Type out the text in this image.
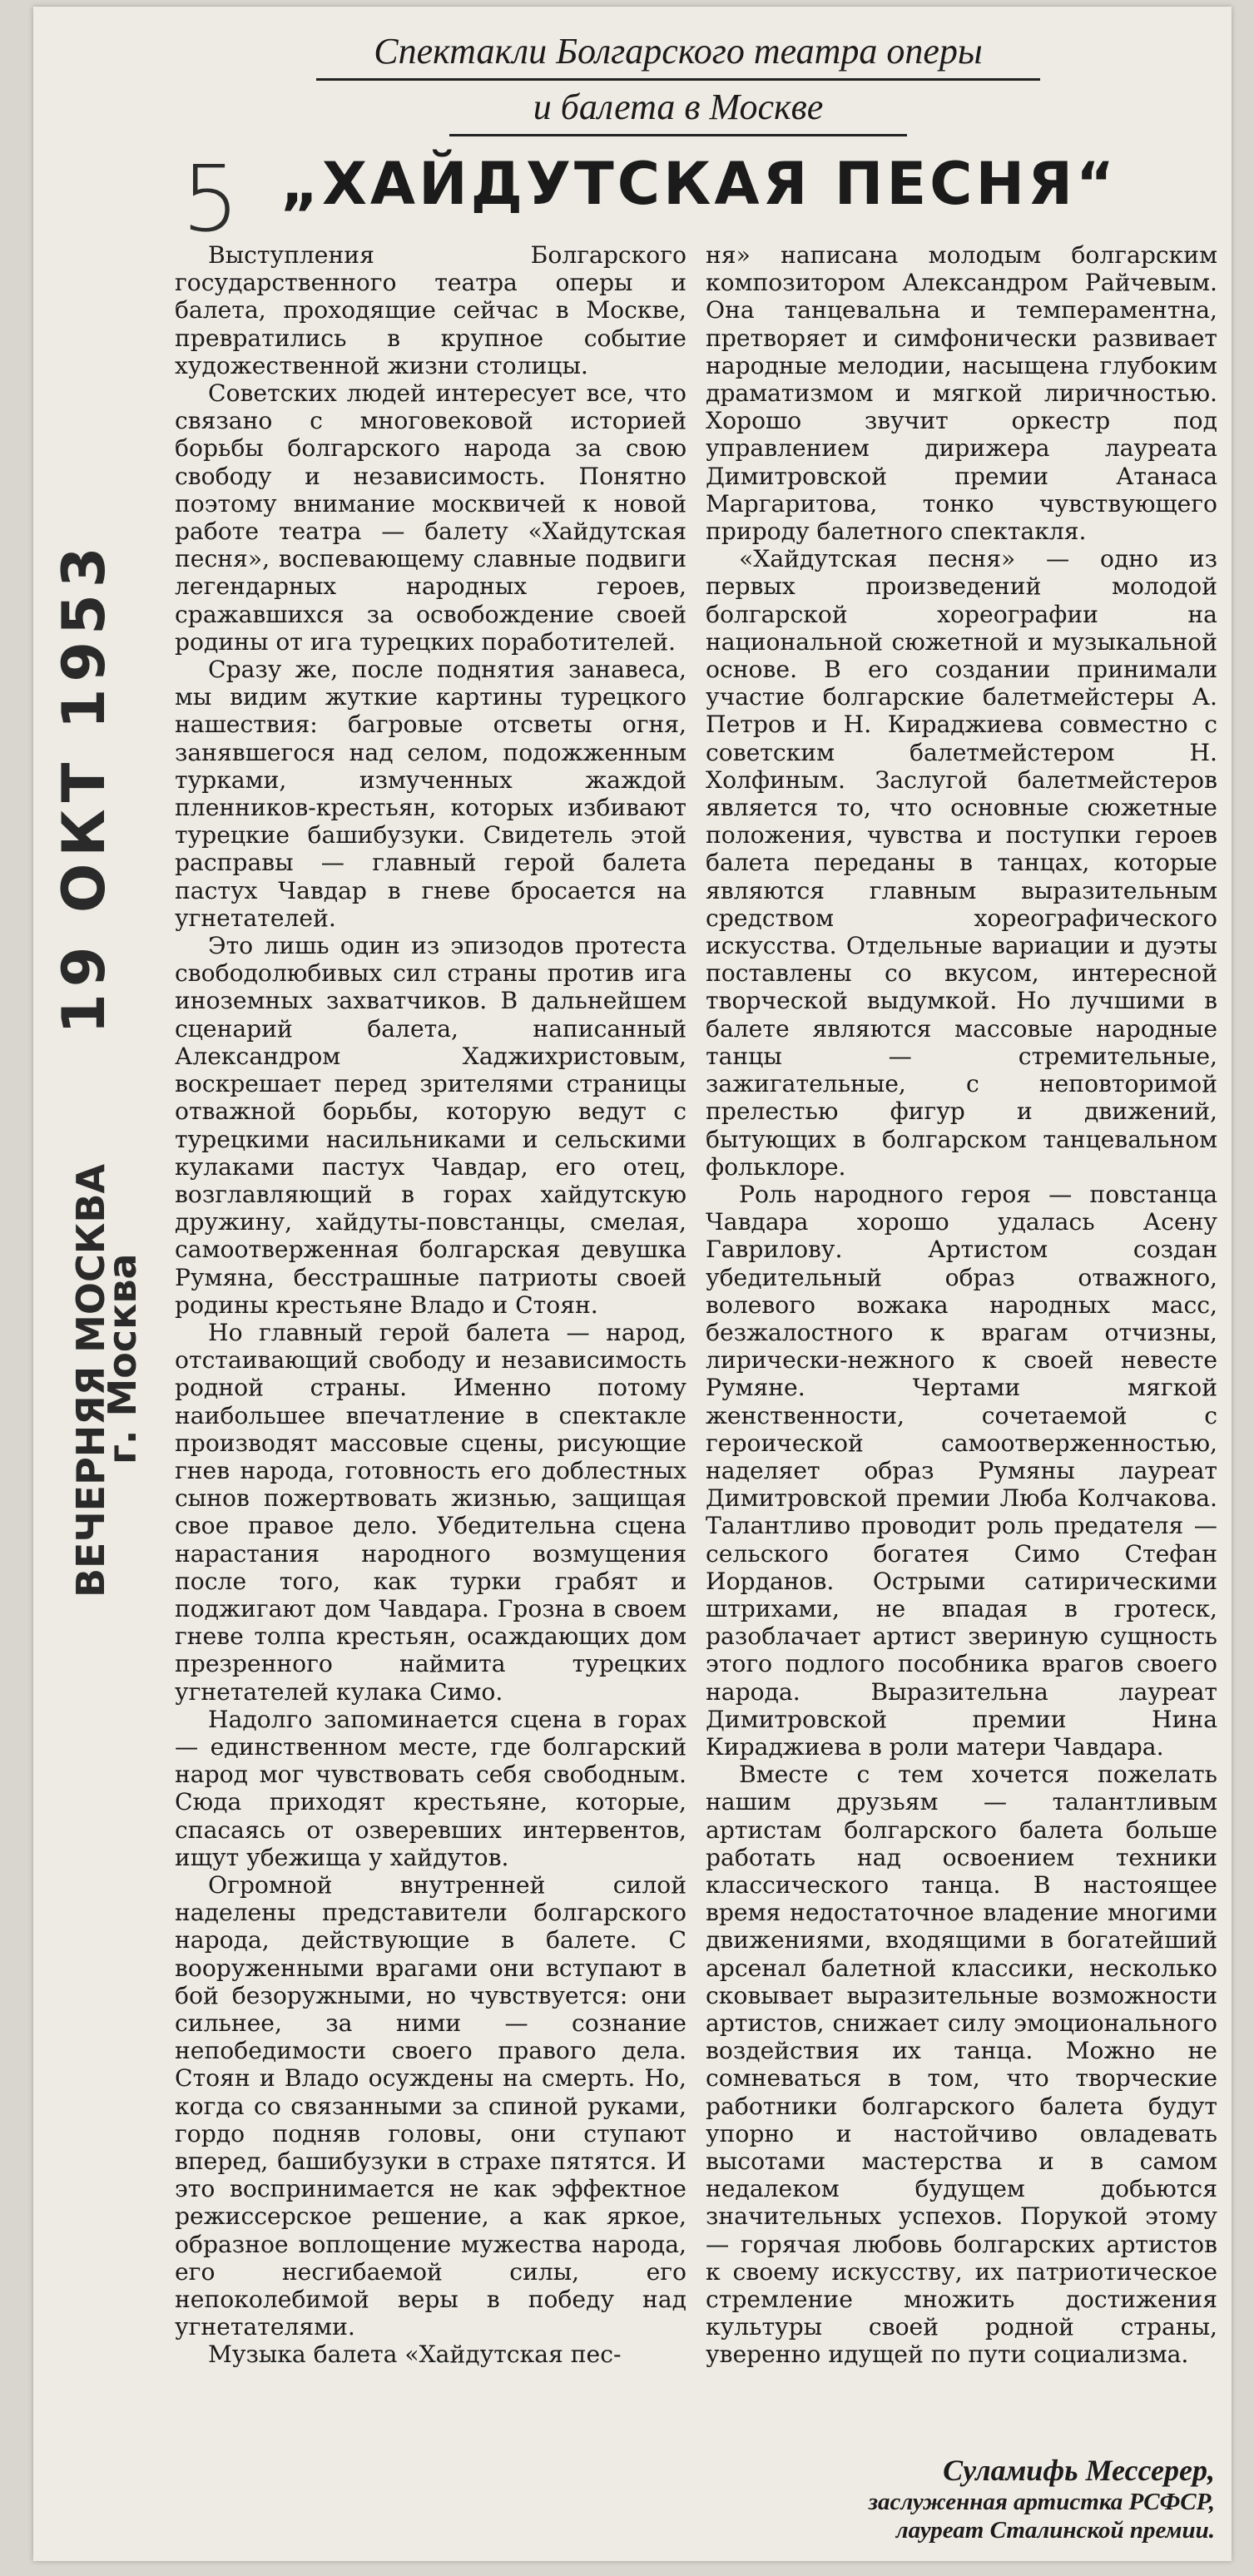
Спектакли Болгарского театра оперы
и балета в Москве
5 „ХАЙДУТСКАЯ ПЕСНЯ“
ВЕЧЕРНЯЯ МОСКВА 19 ОКТ 1953
г. Москва

Выступления Болгарского государственного театра оперы и балета, проходящие сейчас в Москве, превратились в крупное событие художественной жизни столицы.

Советских людей интересует все, что связано с многовековой историей борьбы болгарского народа за свою свободу и независимость. Понятно поэтому внимание москвичей к новой работе театра — балету «Хайдутская песня», воспевающему славные подвиги легендарных народных героев, сражавшихся за освобождение своей родины от ига турецких поработителей.

Сразу же, после поднятия занавеса, мы видим жуткие картины турецкого нашествия: багровые отсветы огня, занявшегося над селом, подожженным турками, измученных жаждой пленников-крестьян, которых избивают турецкие башибузуки. Свидетель этой расправы — главный герой балета пастух Чавдар в гневе бросается на угнетателей.

Это лишь один из эпизодов протеста свободолюбивых сил страны против ига иноземных захватчиков. В дальнейшем сценарий балета, написанный Александром Хаджихристовым, воскрешает перед зрителями страницы отважной борьбы, которую ведут с турецкими насильниками и сельскими кулаками пастух Чавдар, его отец, возглавляющий в горах хайдутскую дружину, хайдуты-повстанцы, смелая, самоотверженная болгарская девушка Румяна, бесстрашные патриоты своей родины крестьяне Владо и Стоян.

Но главный герой балета — народ, отстаивающий свободу и независимость родной страны. Именно потому наибольшее впечатление в спектакле производят массовые сцены, рисующие гнев народа, готовность его доблестных сынов пожертвовать жизнью, защищая свое правое дело. Убедительна сцена нарастания народного возмущения после того, как турки грабят и поджигают дом Чавдара. Грозна в своем гневе толпа крестьян, осаждающих дом презренного наймита турецких угнетателей кулака Симо.

Надолго запоминается сцена в горах — единственном месте, где болгарский народ мог чувствовать себя свободным. Сюда приходят крестьяне, которые, спасаясь от озверевших интервентов, ищут убежища у хайдутов.

Огромной внутренней силой наделены представители болгарского народа, действующие в балете. С вооруженными врагами они вступают в бой безоружными, но чувствуется: они сильнее, за ними — сознание непобедимости своего правого дела. Стоян и Владо осуждены на смерть. Но, когда со связанными за спиной руками, гордо подняв головы, они ступают вперед, башибузуки в страхе пятятся. И это воспринимается не как эффектное режиссерское решение, а как яркое, образное воплощение мужества народа, его несгибаемой силы, его непоколебимой веры в победу над угнетателями.

Музыка балета «Хайдутская пес-

ня» написана молодым болгарским композитором Александром Райчевым. Она танцевальна и темпераментна, претворяет и симфонически развивает народные мелодии, насыщена глубоким драматизмом и мягкой лиричностью. Хорошо звучит оркестр под управлением дирижера лауреата Димитровской премии Атанаса Маргаритова, тонко чувствующего природу балетного спектакля.

«Хайдутская песня» — одно из первых произведений молодой болгарской хореографии на национальной сюжетной и музыкальной основе. В его создании принимали участие болгарские балетмейстеры А. Петров и Н. Кираджиева совместно с советским балетмейстером Н. Холфиным. Заслугой балетмейстеров является то, что основные сюжетные положения, чувства и поступки героев балета переданы в танцах, которые являются главным выразительным средством хореографического искусства. Отдельные вариации и дуэты поставлены со вкусом, интересной творческой выдумкой. Но лучшими в балете являются массовые народные танцы — стремительные, зажигательные, с неповторимой прелестью фигур и движений, бытующих в болгарском танцевальном фольклоре.

Роль народного героя — повстанца Чавдара хорошо удалась Асену Гаврилову. Артистом создан убедительный образ отважного, волевого вожака народных масс, безжалостного к врагам отчизны, лирически-нежного к своей невесте Румяне. Чертами мягкой женственности, сочетаемой с героической самоотверженностью, наделяет образ Румяны лауреат Димитровской премии Люба Колчакова. Талантливо проводит роль предателя — сельского богатея Симо Стефан Иорданов. Острыми сатирическими штрихами, не впадая в гротеск, разоблачает артист звериную сущность этого подлого пособника врагов своего народа. Выразительна лауреат Димитровской премии Нина Кираджиева в роли матери Чавдара.

Вместе с тем хочется пожелать нашим друзьям — талантливым артистам болгарского балета больше работать над освоением техники классического танца. В настоящее время недостаточное владение многими движениями, входящими в богатейший арсенал балетной классики, несколько сковывает выразительные возможности артистов, снижает силу эмоционального воздействия их танца. Можно не сомневаться в том, что творческие работники болгарского балета будут упорно и настойчиво овладевать высотами мастерства и в самом недалеком будущем добьются значительных успехов. Порукой этому — горячая любовь болгарских артистов к своему искусству, их патриотическое стремление множить достижения культуры своей родной страны, уверенно идущей по пути социализма.

Суламифь Мессерер,
заслуженная артистка РСФСР,
лауреат Сталинской премии.
